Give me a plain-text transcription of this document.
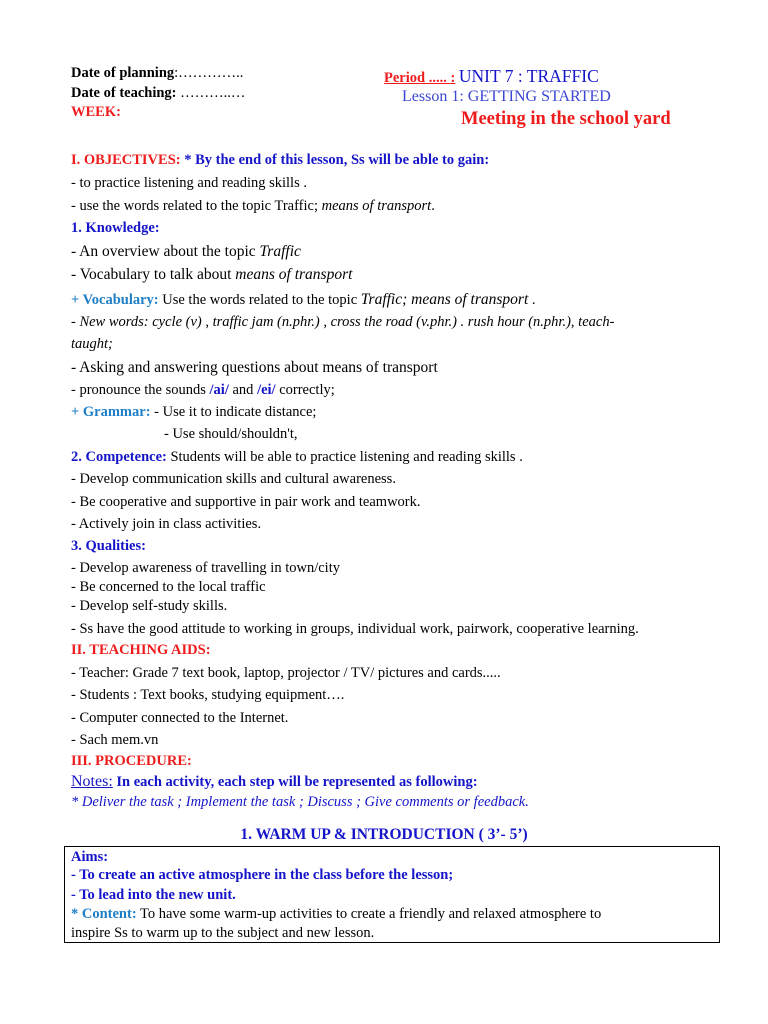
Date of planning:…………..
Date of teaching: ………..…
WEEK:
Period ..... : UNIT 7 : TRAFFIC
Lesson 1: GETTING STARTED
Meeting in the school yard
I. OBJECTIVES: * By the end of this lesson, Ss will be able to gain:
- to practice listening and reading skills .
- use the words related to the topic Traffic; means of transport.
1. Knowledge:
- An overview about the topic Traffic
- Vocabulary to talk about means of transport
+ Vocabulary: Use the words related to the topic Traffic; means of transport .
- New words: cycle (v) , traffic jam (n.phr.) , cross the road (v.phr.) . rush hour (n.phr.), teach-
taught;
- Asking and answering questions about means of transport
- pronounce the sounds /ai/ and /ei/ correctly;
+ Grammar: - Use it to indicate distance;
- Use should/shouldn't,
2. Competence: Students will be able to practice listening and reading skills .
- Develop communication skills and cultural awareness.
- Be cooperative and supportive in pair work and teamwork.
- Actively join in class activities.
3. Qualities:
- Develop awareness of travelling in town/city
- Be concerned to the local traffic
- Develop self-study skills.
- Ss have the good attitude to working in groups, individual work, pairwork, cooperative learning.
II. TEACHING AIDS:
- Teacher: Grade 7 text book, laptop, projector / TV/ pictures and cards.....
- Students : Text books, studying equipment….
- Computer connected to the Internet.
- Sach mem.vn
III. PROCEDURE:
Notes: In each activity, each step will be represented as following:
* Deliver the task ; Implement the task ; Discuss ; Give comments or feedback.
1. WARM UP & INTRODUCTION ( 3’- 5’)
Aims:
- To create an active atmosphere in the class before the lesson;
- To lead into the new unit.
* Content: To have some warm-up activities to create a friendly and relaxed atmosphere to
inspire Ss to warm up to the subject and new lesson.
